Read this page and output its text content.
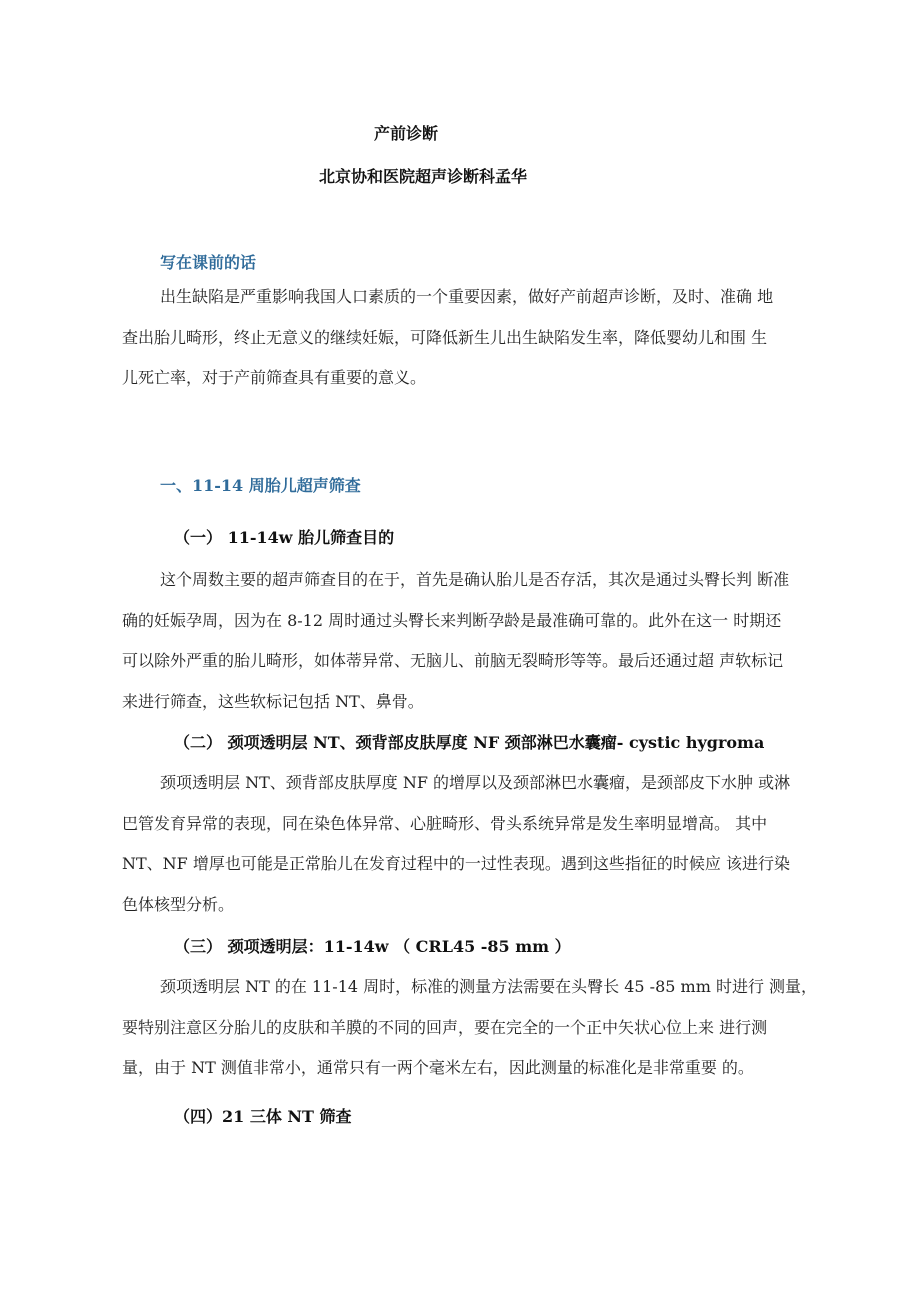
产前诊断
北京协和医院超声诊断科孟华
写在课前的话
出生缺陷是严重影响我国人口素质的一个重要因素，做好产前超声诊断，及时、准确 地
查出胎儿畸形，终止无意义的继续妊娠，可降低新生儿出生缺陷发生率，降低婴幼儿和围 生
儿死亡率，对于产前筛查具有重要的意义。
一、11-14 周胎儿超声筛查
（一） 11-14w 胎儿筛查目的
这个周数主要的超声筛查目的在于，首先是确认胎儿是否存活，其次是通过头臀长判 断准
确的妊娠孕周，因为在 8-12 周时通过头臀长来判断孕龄是最准确可靠的。此外在这一 时期还
可以除外严重的胎儿畸形，如体蒂异常、无脑儿、前脑无裂畸形等等。最后还通过超 声软标记
来进行筛查，这些软标记包括 NT、鼻骨。
（二） 颈项透明层 NT、颈背部皮肤厚度 NF 颈部淋巴水囊瘤- cystic hygroma
颈项透明层 NT、颈背部皮肤厚度 NF 的增厚以及颈部淋巴水囊瘤，是颈部皮下水肿 或淋
巴管发育异常的表现，同在染色体异常、心脏畸形、骨头系统异常是发生率明显增高。 其中
NT、NF 增厚也可能是正常胎儿在发育过程中的一过性表现。遇到这些指征的时候应 该进行染
色体核型分析。
（三） 颈项透明层：11-14w （ CRL45 -85 mm ）
颈项透明层 NT 的在 11-14 周时，标准的测量方法需要在头臀长 45 -85 mm 时进行 测量，
要特别注意区分胎儿的皮肤和羊膜的不同的回声，要在完全的一个正中矢状心位上来 进行测
量，由于 NT 测值非常小，通常只有一两个毫米左右，因此测量的标准化是非常重要 的。
（四）21 三体 NT 筛查
